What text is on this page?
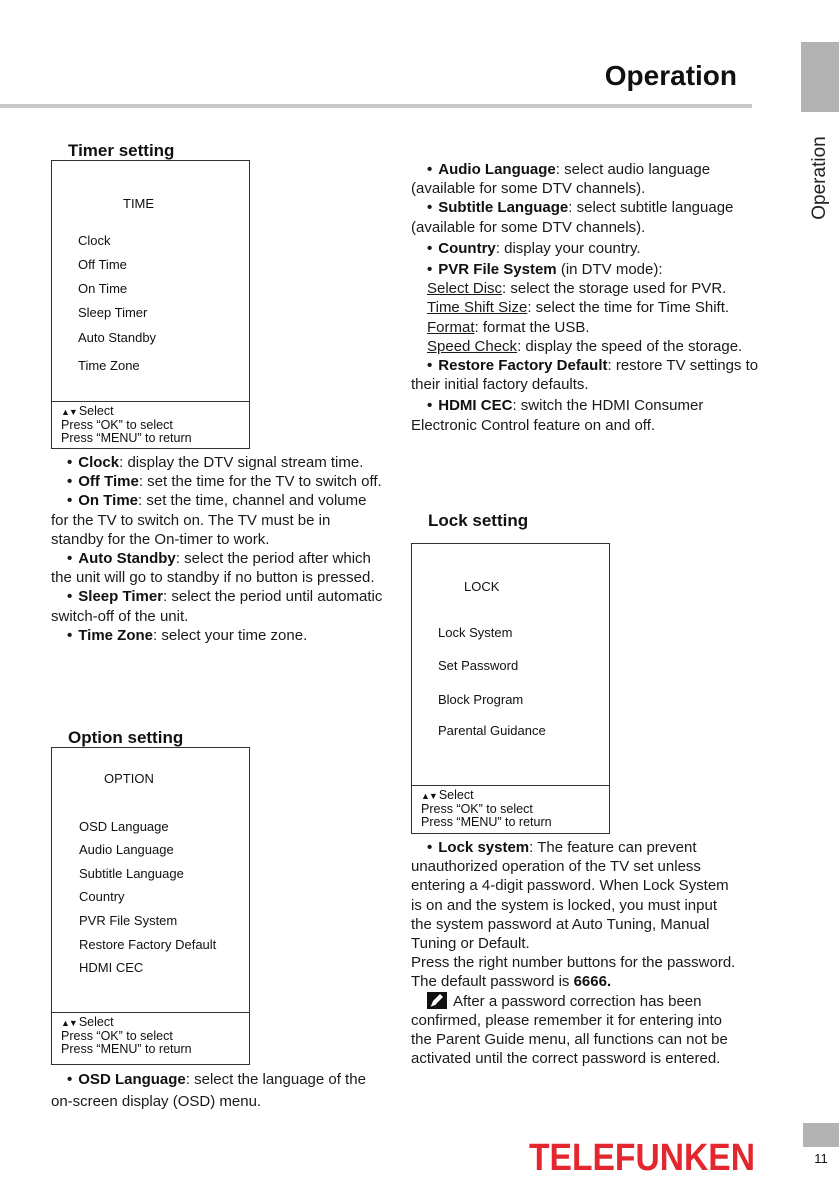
Operation
Operation
Timer setting
TIME
Clock
Off Time
On Time
Sleep Timer
Auto Standby
Time Zone
▲▼ Select
Press “OK” to select
Press “MENU” to return
• Clock: display the DTV signal stream time.
• Off Time: set the time for the TV to switch off.
• On Time: set the time, channel and volume for the TV to switch on. The TV must be in standby for the On-timer to work.
• Auto Standby: select the period after which the unit will go to standby if no button is pressed.
• Sleep Timer: select the period until automatic switch-off of the unit.
• Time Zone: select your time zone.
Option setting
OPTION
OSD Language
Audio Language
Subtitle Language
Country
PVR File System
Restore Factory Default
HDMI CEC
▲▼ Select
Press “OK” to select
Press “MENU” to return
• OSD Language: select the language of the on-screen display (OSD) menu.
• Audio Language: select audio language (available for some DTV channels).
• Subtitle Language: select subtitle language (available for some DTV channels).
• Country: display your country.
• PVR File System (in DTV mode):
Select Disc: select the storage used for PVR.
Time Shift Size: select the time for Time Shift.
Format: format the USB.
Speed Check: display the speed of the storage.
• Restore Factory Default: restore TV settings to their initial factory defaults.
• HDMI CEC: switch the HDMI Consumer Electronic Control feature on and off.
Lock setting
LOCK
Lock System
Set Password
Block Program
Parental Guidance
▲▼ Select
Press “OK” to select
Press “MENU” to return
• Lock system: The feature can prevent unauthorized operation of the TV set unless entering a 4-digit password. When Lock System is on and the system is locked, you must input the system password at Auto Tuning, Manual Tuning or Default.
Press the right number buttons for the password. The default password is 6666.
After a password correction has been confirmed, please remember it for entering into the Parent Guide menu, all functions can not be activated until the correct password is entered.
TELEFUNKEN	11
